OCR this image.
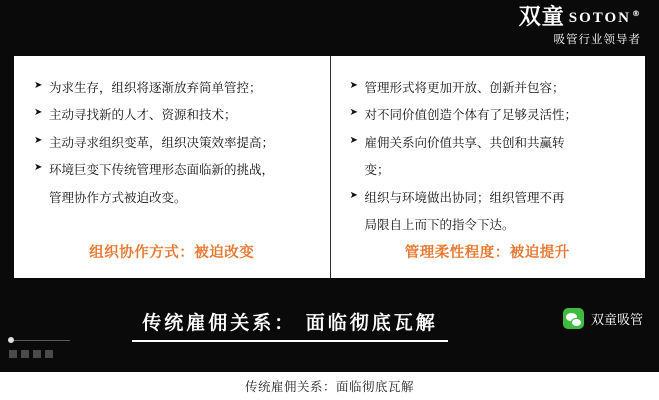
双童 SOTON®
吸管行业领导者
➤ 为求生存，组织将逐渐放弃简单管控；
➤ 主动寻找新的人才、资源和技术；
➤ 主动寻求组织变革，组织决策效率提高；
➤ 环境巨变下传统管理形态面临新的挑战，
管理协作方式被迫改变。
组织协作方式：被迫改变
➤ 管理形式将更加开放、创新并包容；
➤ 对不同价值创造个体有了足够灵活性；
➤ 雇佣关系向价值共享、共创和共赢转
变；
➤ 组织与环境做出协同；组织管理不再
局限自上而下的指令下达。
管理柔性程度：被迫提升
传统雇佣关系： 面临彻底瓦解	双童吸管
传统雇佣关系：面临彻底瓦解
